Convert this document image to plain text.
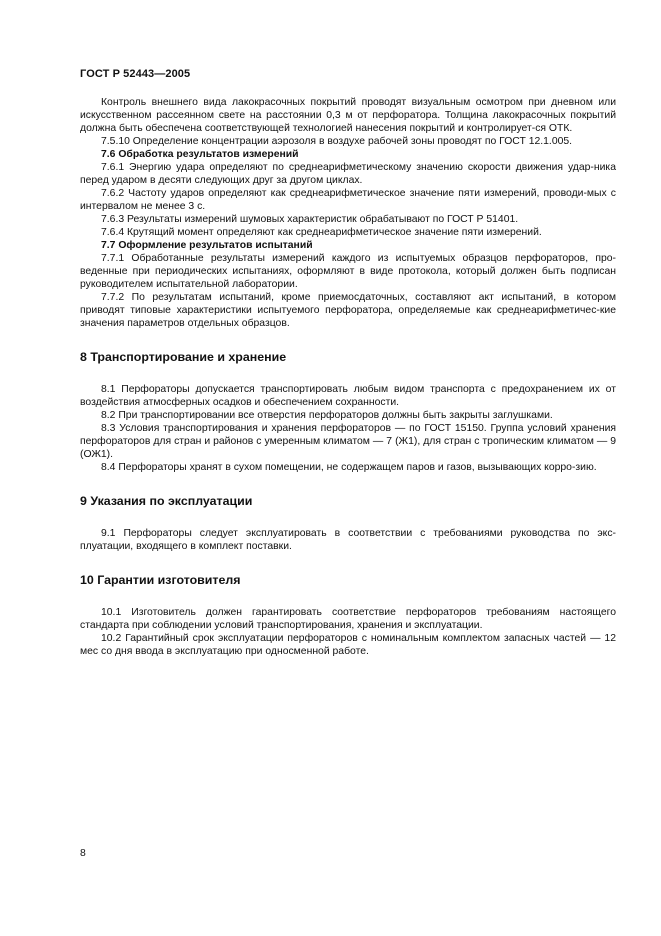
ГОСТ Р 52443—2005

Контроль внешнего вида лакокрасочных покрытий проводят визуальным осмотром при дневном или искусственном рассеянном свете на расстоянии 0,3 м от перфоратора. Толщина лакокрасочных покрытий должна быть обеспечена соответствующей технологией нанесения покрытий и контролирует-ся ОТК.

7.5.10 Определение концентрации аэрозоля в воздухе рабочей зоны проводят по ГОСТ 12.1.005.

7.6 Обработка результатов измерений

7.6.1 Энергию удара определяют по среднеарифметическому значению скорости движения удар-ника перед ударом в десяти следующих друг за другом циклах.

7.6.2 Частоту ударов определяют как среднеарифметическое значение пяти измерений, проводи-мых с интервалом не менее 3 с.

7.6.3 Результаты измерений шумовых характеристик обрабатывают по ГОСТ Р 51401.

7.6.4 Крутящий момент определяют как среднеарифметическое значение пяти измерений.

7.7 Оформление результатов испытаний

7.7.1 Обработанные результаты измерений каждого из испытуемых образцов перфораторов, про-веденные при периодических испытаниях, оформляют в виде протокола, который должен быть подписан руководителем испытательной лаборатории.

7.7.2 По результатам испытаний, кроме приемосдаточных, составляют акт испытаний, в котором приводят типовые характеристики испытуемого перфоратора, определяемые как среднеарифметичес-кие значения параметров отдельных образцов.

8 Транспортирование и хранение

8.1 Перфораторы допускается транспортировать любым видом транспорта с предохранением их от воздействия атмосферных осадков и обеспечением сохранности.

8.2 При транспортировании все отверстия перфораторов должны быть закрыты заглушками.

8.3 Условия транспортирования и хранения перфораторов — по ГОСТ 15150. Группа условий хранения перфораторов для стран и районов с умеренным климатом — 7 (Ж1), для стран с тропическим климатом — 9 (ОЖ1).

8.4 Перфораторы хранят в сухом помещении, не содержащем паров и газов, вызывающих корро-зию.

9 Указания по эксплуатации

9.1 Перфораторы следует эксплуатировать в соответствии с требованиями руководства по экс-плуатации, входящего в комплект поставки.

10 Гарантии изготовителя

10.1 Изготовитель должен гарантировать соответствие перфораторов требованиям настоящего стандарта при соблюдении условий транспортирования, хранения и эксплуатации.

10.2 Гарантийный срок эксплуатации перфораторов с номинальным комплектом запасных частей — 12 мес со дня ввода в эксплуатацию при односменной работе.

8
